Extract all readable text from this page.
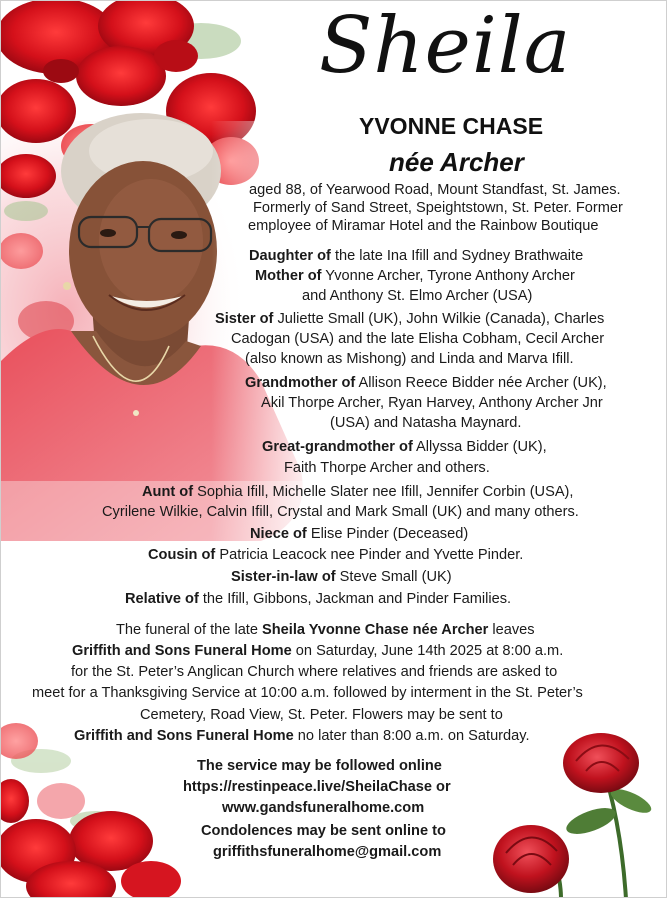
Sheila
YVONNE CHASE
née Archer
aged 88, of Yearwood Road, Mount Standfast, St. James.
Formerly of Sand Street, Speightstown, St. Peter. Former
employee of Miramar Hotel and the Rainbow Boutique
Daughter of the late Ina Ifill and Sydney Brathwaite
Mother of Yvonne Archer, Tyrone Anthony Archer
and Anthony St. Elmo Archer (USA)
Sister of Juliette Small (UK), John Wilkie (Canada), Charles
Cadogan (USA) and the late Elisha Cobham, Cecil Archer
(also known as Mishong) and Linda and Marva Ifill.
Grandmother of Allison Reece Bidder née Archer (UK),
Akil Thorpe Archer, Ryan Harvey, Anthony Archer Jnr
(USA) and Natasha Maynard.
Great-grandmother of Allyssa Bidder (UK),
Faith Thorpe Archer and others.
Aunt of Sophia Ifill, Michelle Slater nee Ifill, Jennifer Corbin (USA),
Cyrilene Wilkie, Calvin Ifill, Crystal and Mark Small (UK) and many others.
Niece of Elise Pinder (Deceased)
Cousin of Patricia Leacock nee Pinder and Yvette Pinder.
Sister-in-law of Steve Small (UK)
Relative of the Ifill, Gibbons, Jackman and Pinder Families.
The funeral of the late Sheila Yvonne Chase née Archer leaves
Griffith and Sons Funeral Home on Saturday, June 14th 2025 at 8:00 a.m.
for the St. Peter’s Anglican Church where relatives and friends are asked to
meet for a Thanksgiving Service at 10:00 a.m. followed by interment in the St. Peter’s
Cemetery, Road View, St. Peter. Flowers may be sent to
Griffith and Sons Funeral Home no later than 8:00 a.m. on Saturday.
The service may be followed online
https://restinpeace.live/SheilaChase or
www.gandsfuneralhome.com
Condolences may be sent online to
griffithsfuneralhome@gmail.com
